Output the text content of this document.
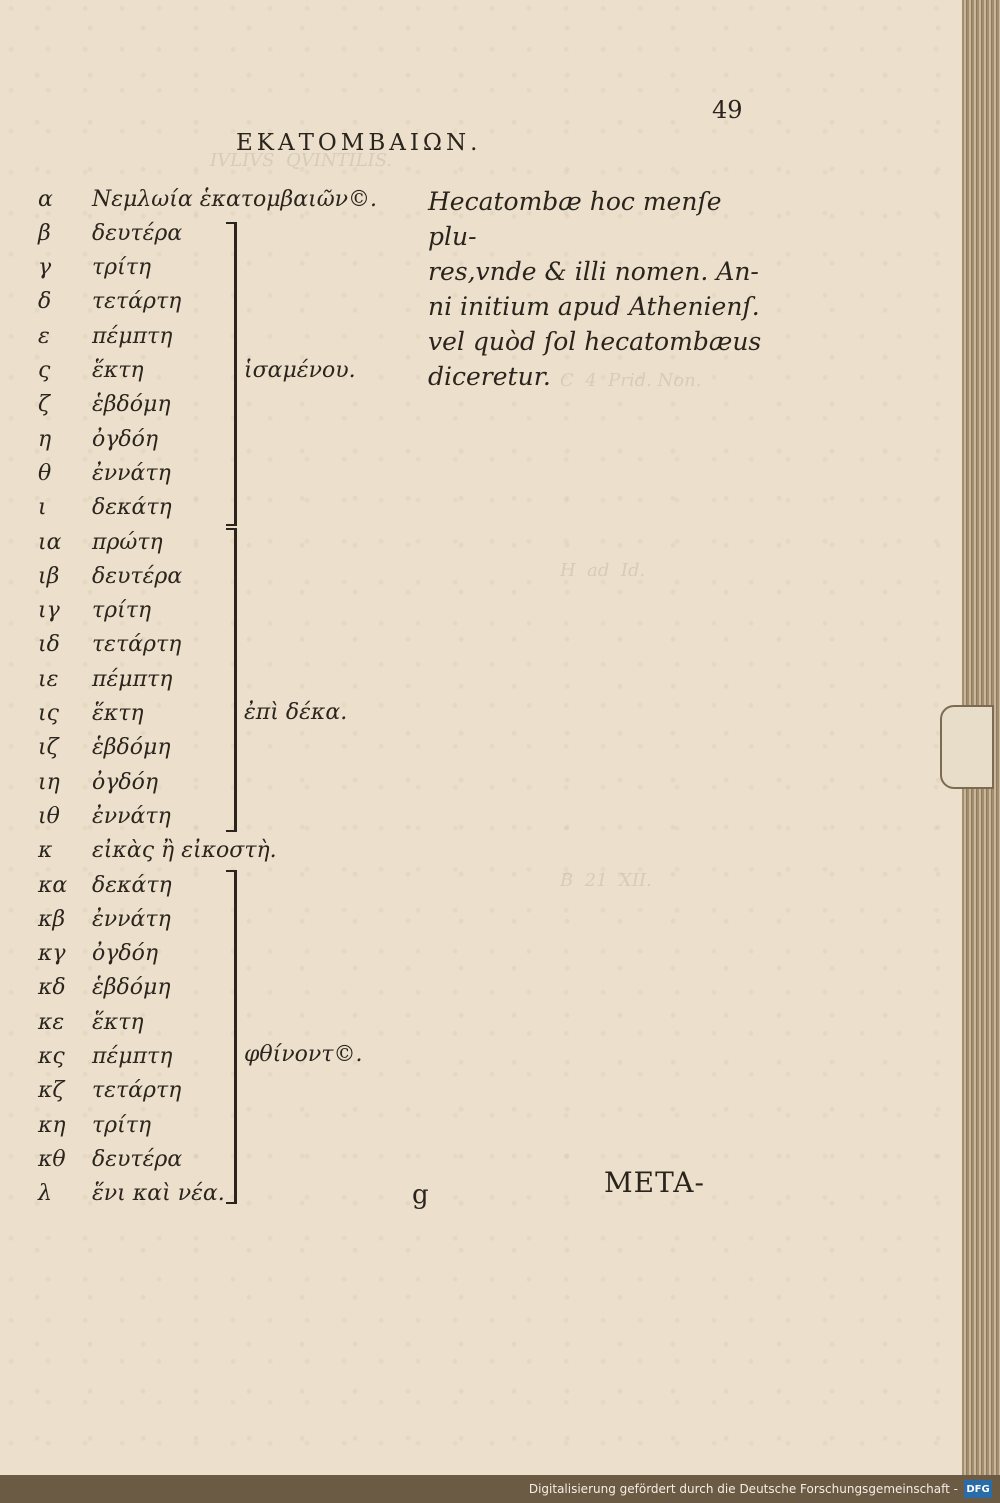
IVLIVS  QVINTILIS.
C  4  Prid. Non.
H  ad  Id.
B  21  XII.
49
ΕΚΑΤΟΜΒΑΙΩΝ.
α	Νεμλωία ἑκατομβαιῶν©.
β	δευτέρα
γ	τρίτη
δ	τετάρτη
ε	πέμπτη
ς	ἕκτη
ζ	ἑβδόμη
η	ὀγδόη
θ	ἐννάτη
ι	δεκάτη
ια	πρώτη
ιβ	δευτέρα
ιγ	τρίτη
ιδ	τετάρτη
ιε	πέμπτη
ις	ἕκτη
ιζ	ἑβδόμη
ιη	ὀγδόη
ιθ	ἐννάτη
κ	εἰκὰς ἢ εἰκοστὴ.
κα	δεκάτη
κβ	ἐννάτη
κγ	ὀγδόη
κδ	ἑβδόμη
κε	ἕκτη
κς	πέμπτη
κζ	τετάρτη
κη	τρίτη
κθ	δευτέρα
λ	ἕνι καὶ νέα.
ἱσαμένου.
ἐπὶ δέκα.
φθίνοντ©.
Hecatombæ hoc menſe plu-
res,vnde & illi nomen. An-
ni initium apud Athenienſ.
vel quòd ſol hecatombæus
diceretur.
g	META-
Digitalisierung gefördert durch die Deutsche Forschungsgemeinschaft - DFG
